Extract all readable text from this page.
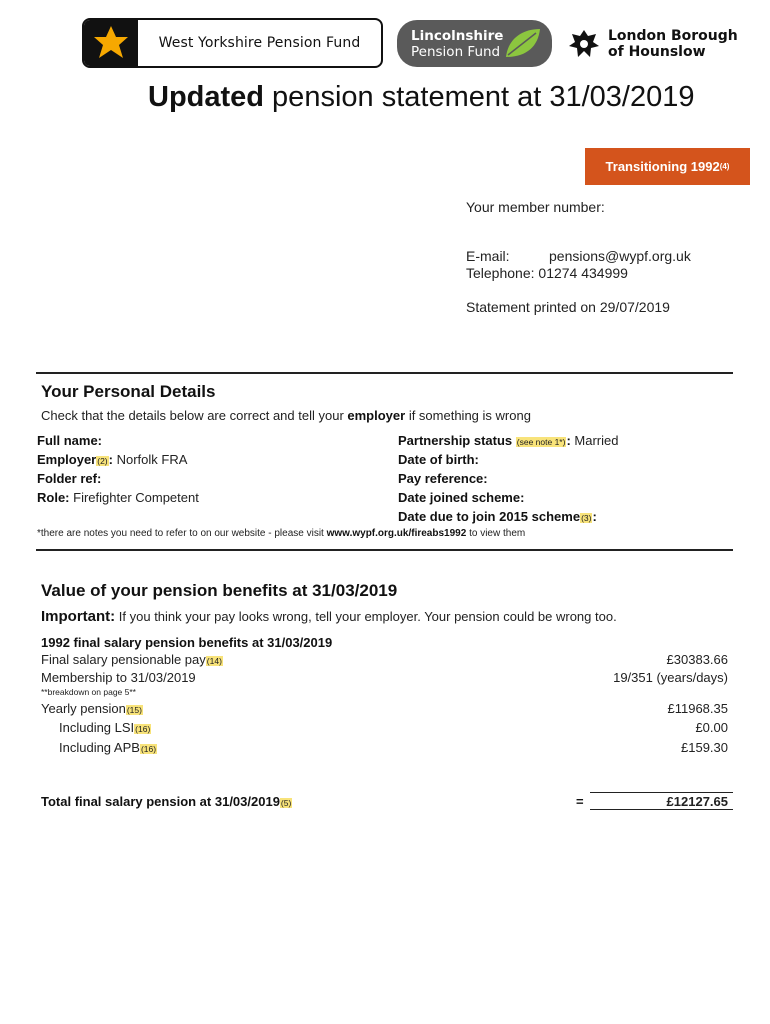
West Yorkshire Pension Fund	Lincolnshire
Pension Fund
London Borough
of Hounslow
Updated pension statement at 31/03/2019
Transitioning 1992 (4)
Your member number:
E-mail:	pensions@wypf.org.uk
Telephone: 01274 434999
Statement printed on 29/07/2019
Your Personal Details
Check that the details below are correct and tell your employer if something is wrong
Full name:
Employer(2): Norfolk FRA
Folder ref:
Role: Firefighter Competent
Partnership status (see note 1*): Married
Date of birth:
Pay reference:
Date joined scheme:
Date due to join 2015 scheme(3):
*there are notes you need to refer to on our website - please visit www.wypf.org.uk/fireabs1992 to view them
Value of your pension benefits at 31/03/2019
Important: If you think your pay looks wrong, tell your employer. Your pension could be wrong too.
1992 final salary pension benefits at 31/03/2019
Final salary pensionable pay(14)	£30383.66
Membership to 31/03/2019	19/351 (years/days)
**breakdown on page 5**
Yearly pension(15)	£11968.35
Including LSI(16)	£0.00
Including APB(16)	£159.30
Total final salary pension at 31/03/2019(5)	=	£12127.65
